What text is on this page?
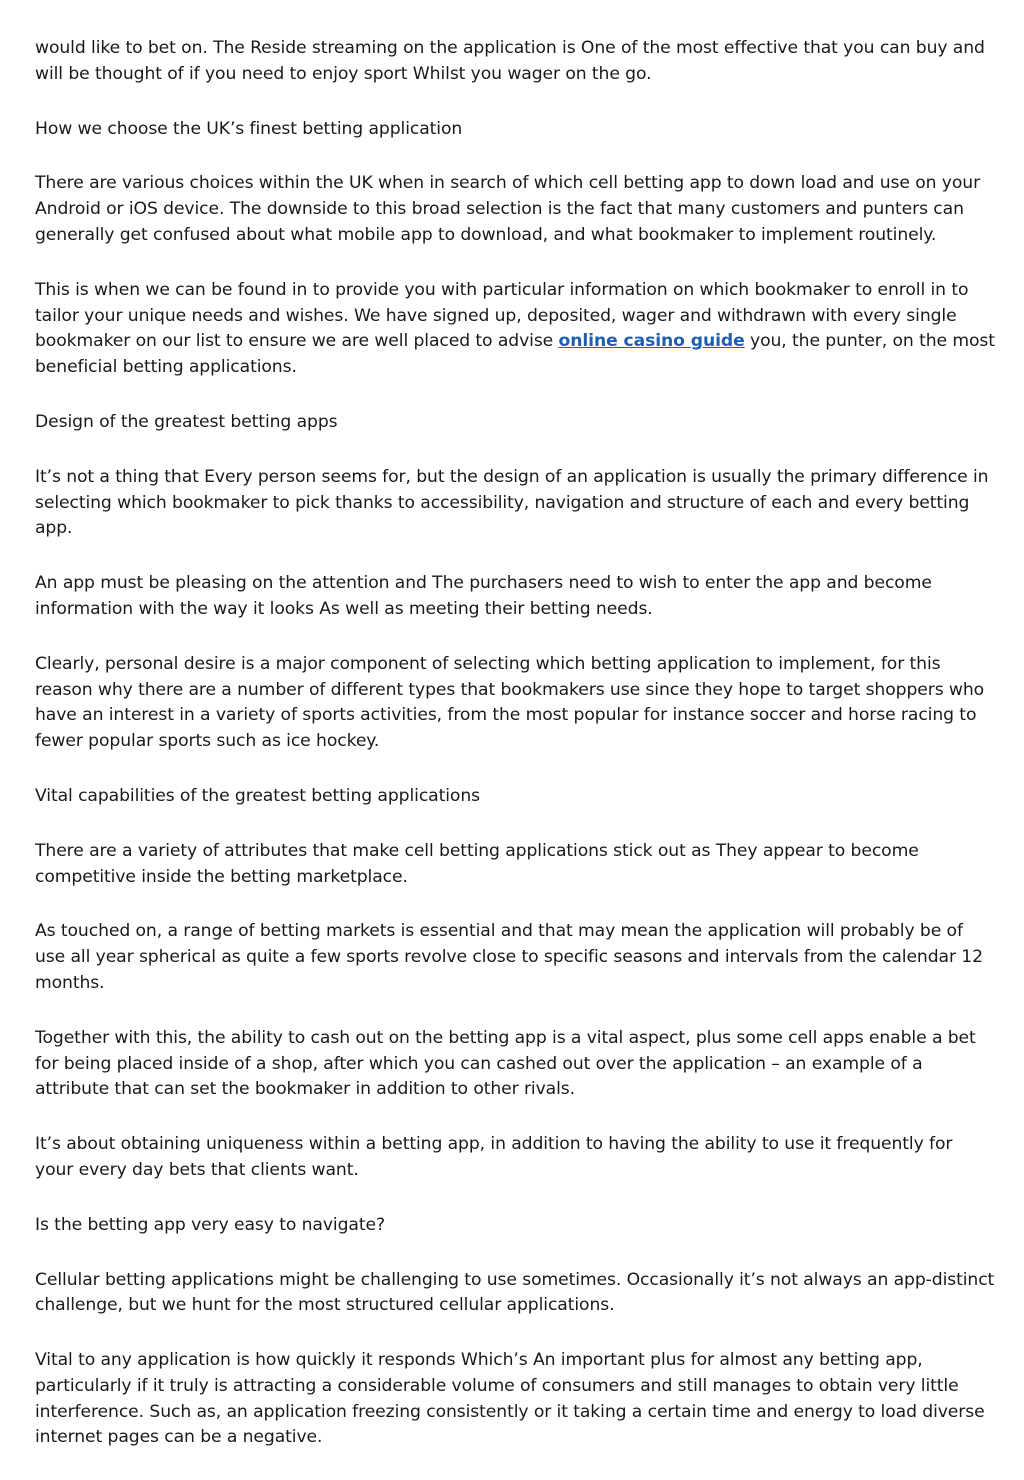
would like to bet on. The Reside streaming on the application is One of the most effective that you can buy and will be thought of if you need to enjoy sport Whilst you wager on the go.

How we choose the UK’s finest betting application

There are various choices within the UK when in search of which cell betting app to down load and use on your Android or iOS device. The downside to this broad selection is the fact that many customers and punters can generally get confused about what mobile app to download, and what bookmaker to implement routinely.

This is when we can be found in to provide you with particular information on which bookmaker to enroll in to tailor your unique needs and wishes. We have signed up, deposited, wager and withdrawn with every single bookmaker on our list to ensure we are well placed to advise online casino guide you, the punter, on the most beneficial betting applications.

Design of the greatest betting apps

It’s not a thing that Every person seems for, but the design of an application is usually the primary difference in selecting which bookmaker to pick thanks to accessibility, navigation and structure of each and every betting app.

An app must be pleasing on the attention and The purchasers need to wish to enter the app and become information with the way it looks As well as meeting their betting needs.

Clearly, personal desire is a major component of selecting which betting application to implement, for this reason why there are a number of different types that bookmakers use since they hope to target shoppers who have an interest in a variety of sports activities, from the most popular for instance soccer and horse racing to fewer popular sports such as ice hockey.

Vital capabilities of the greatest betting applications

There are a variety of attributes that make cell betting applications stick out as They appear to become competitive inside the betting marketplace.

As touched on, a range of betting markets is essential and that may mean the application will probably be of use all year spherical as quite a few sports revolve close to specific seasons and intervals from the calendar 12 months.

Together with this, the ability to cash out on the betting app is a vital aspect, plus some cell apps enable a bet for being placed inside of a shop, after which you can cashed out over the application – an example of a attribute that can set the bookmaker in addition to other rivals.

It’s about obtaining uniqueness within a betting app, in addition to having the ability to use it frequently for your every day bets that clients want.

Is the betting app very easy to navigate?

Cellular betting applications might be challenging to use sometimes. Occasionally it’s not always an app-distinct challenge, but we hunt for the most structured cellular applications.

Vital to any application is how quickly it responds Which’s An important plus for almost any betting app, particularly if it truly is attracting a considerable volume of consumers and still manages to obtain very little interference. Such as, an application freezing consistently or it taking a certain time and energy to load diverse internet pages can be a negative.
